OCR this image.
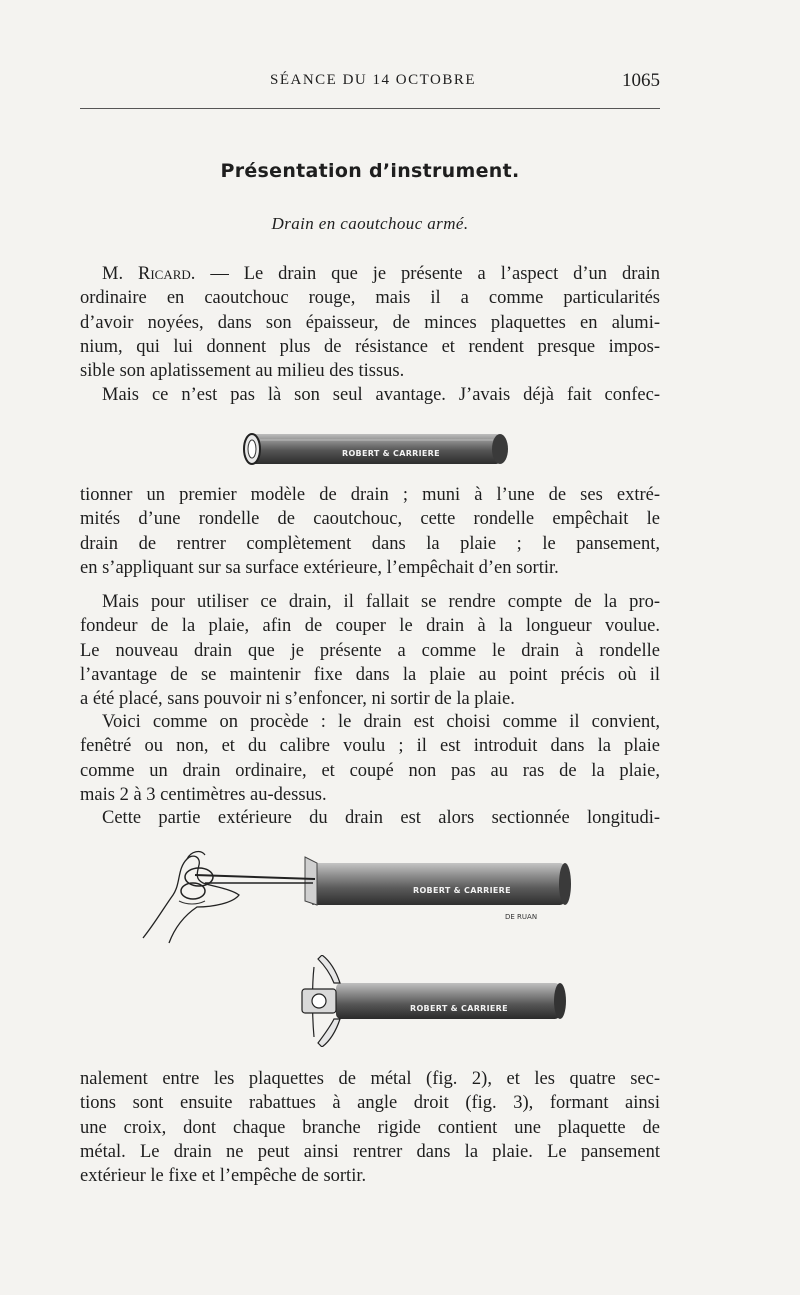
SÉANCE DU 14 OCTOBRE	1065
Présentation d’instrument.
Drain en caoutchouc armé.
M. Ricard. — Le drain que je présente a l’aspect d’un drain
ordinaire en caoutchouc rouge, mais il a comme particularités
d’avoir noyées, dans son épaisseur, de minces plaquettes en alumi-
nium, qui lui donnent plus de résistance et rendent presque impos-
sible son aplatissement au milieu des tissus.
Mais ce n’est pas là son seul avantage. J’avais déjà fait confec-
ROBERT & CARRIERE
tionner un premier modèle de drain ; muni à l’une de ses extré-
mités d’une rondelle de caoutchouc, cette rondelle empêchait le
drain de rentrer complètement dans la plaie ; le pansement,
en s’appliquant sur sa surface extérieure, l’empêchait d’en sortir.
Mais pour utiliser ce drain, il fallait se rendre compte de la pro-
fondeur de la plaie, afin de couper le drain à la longueur voulue.
Le nouveau drain que je présente a comme le drain à rondelle
l’avantage de se maintenir fixe dans la plaie au point précis où il
a été placé, sans pouvoir ni s’enfoncer, ni sortir de la plaie.
Voici comme on procède : le drain est choisi comme il convient,
fenêtré ou non, et du calibre voulu ; il est introduit dans la plaie
comme un drain ordinaire, et coupé non pas au ras de la plaie,
mais 2 à 3 centimètres au-dessus.
Cette partie extérieure du drain est alors sectionnée longitudi-
ROBERT & CARRIERE
DE RUAN
ROBERT & CARRIERE
nalement entre les plaquettes de métal (fig. 2), et les quatre sec-
tions sont ensuite rabattues à angle droit (fig. 3), formant ainsi
une croix, dont chaque branche rigide contient une plaquette de
métal. Le drain ne peut ainsi rentrer dans la plaie. Le pansement
extérieur le fixe et l’empêche de sortir.
